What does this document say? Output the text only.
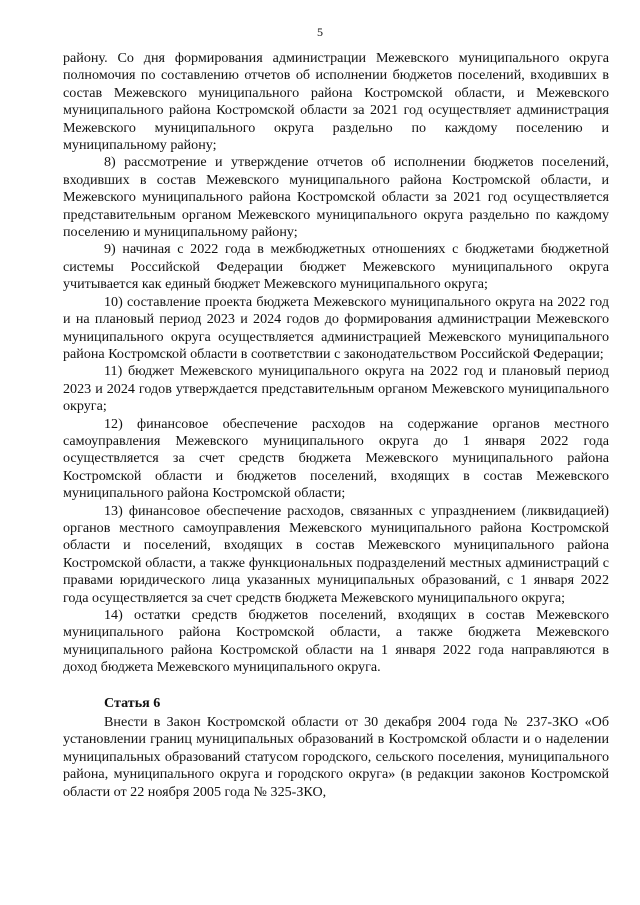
5

району. Со дня формирования администрации Межевского муниципального округа полномочия по составлению отчетов об исполнении бюджетов поселений, входивших в состав Межевского муниципального района Костромской области, и Межевского муниципального района Костромской области за 2021 год осуществляет администрация Межевского муниципального округа раздельно по каждому поселению и муниципальному району;

8) рассмотрение и утверждение отчетов об исполнении бюджетов поселений, входивших в состав Межевского муниципального района Костромской области, и Межевского муниципального района Костромской области за 2021 год осуществляется представительным органом Межевского муниципального округа раздельно по каждому поселению и муниципальному району;

9) начиная с 2022 года в межбюджетных отношениях с бюджетами бюджетной системы Российской Федерации бюджет Межевского муниципального округа учитывается как единый бюджет Межевского муниципального округа;

10) составление проекта бюджета Межевского муниципального округа на 2022 год и на плановый период 2023 и 2024 годов до формирования администрации Межевского муниципального округа осуществляется администрацией Межевского муниципального района Костромской области в соответствии с законодательством Российской Федерации;

11) бюджет Межевского муниципального округа на 2022 год и плановый период 2023 и 2024 годов утверждается представительным органом Межевского муниципального округа;

12) финансовое обеспечение расходов на содержание органов местного самоуправления Межевского муниципального округа до 1 января 2022 года осуществляется за счет средств бюджета Межевского муниципального района Костромской области и бюджетов поселений, входящих в состав Межевского муниципального района Костромской области;

13) финансовое обеспечение расходов, связанных с упразднением (ликвидацией) органов местного самоуправления Межевского муниципального района Костромской области и поселений, входящих в состав Межевского муниципального района Костромской области, а также функциональных подразделений местных администраций с правами юридического лица указанных муниципальных образований, с 1 января 2022 года осуществляется за счет средств бюджета Межевского муниципального округа;

14) остатки средств бюджетов поселений, входящих в состав Межевского муниципального района Костромской области, а также бюджета Межевского муниципального района Костромской области на 1 января 2022 года направляются в доход бюджета Межевского муниципального округа.

Статья 6

Внести в Закон Костромской области от 30 декабря 2004 года № 237-ЗКО «Об установлении границ муниципальных образований в Костромской области и о наделении муниципальных образований статусом городского, сельского поселения, муниципального района, муниципального округа и городского округа» (в редакции законов Костромской области от 22 ноября 2005 года № 325-ЗКО,
